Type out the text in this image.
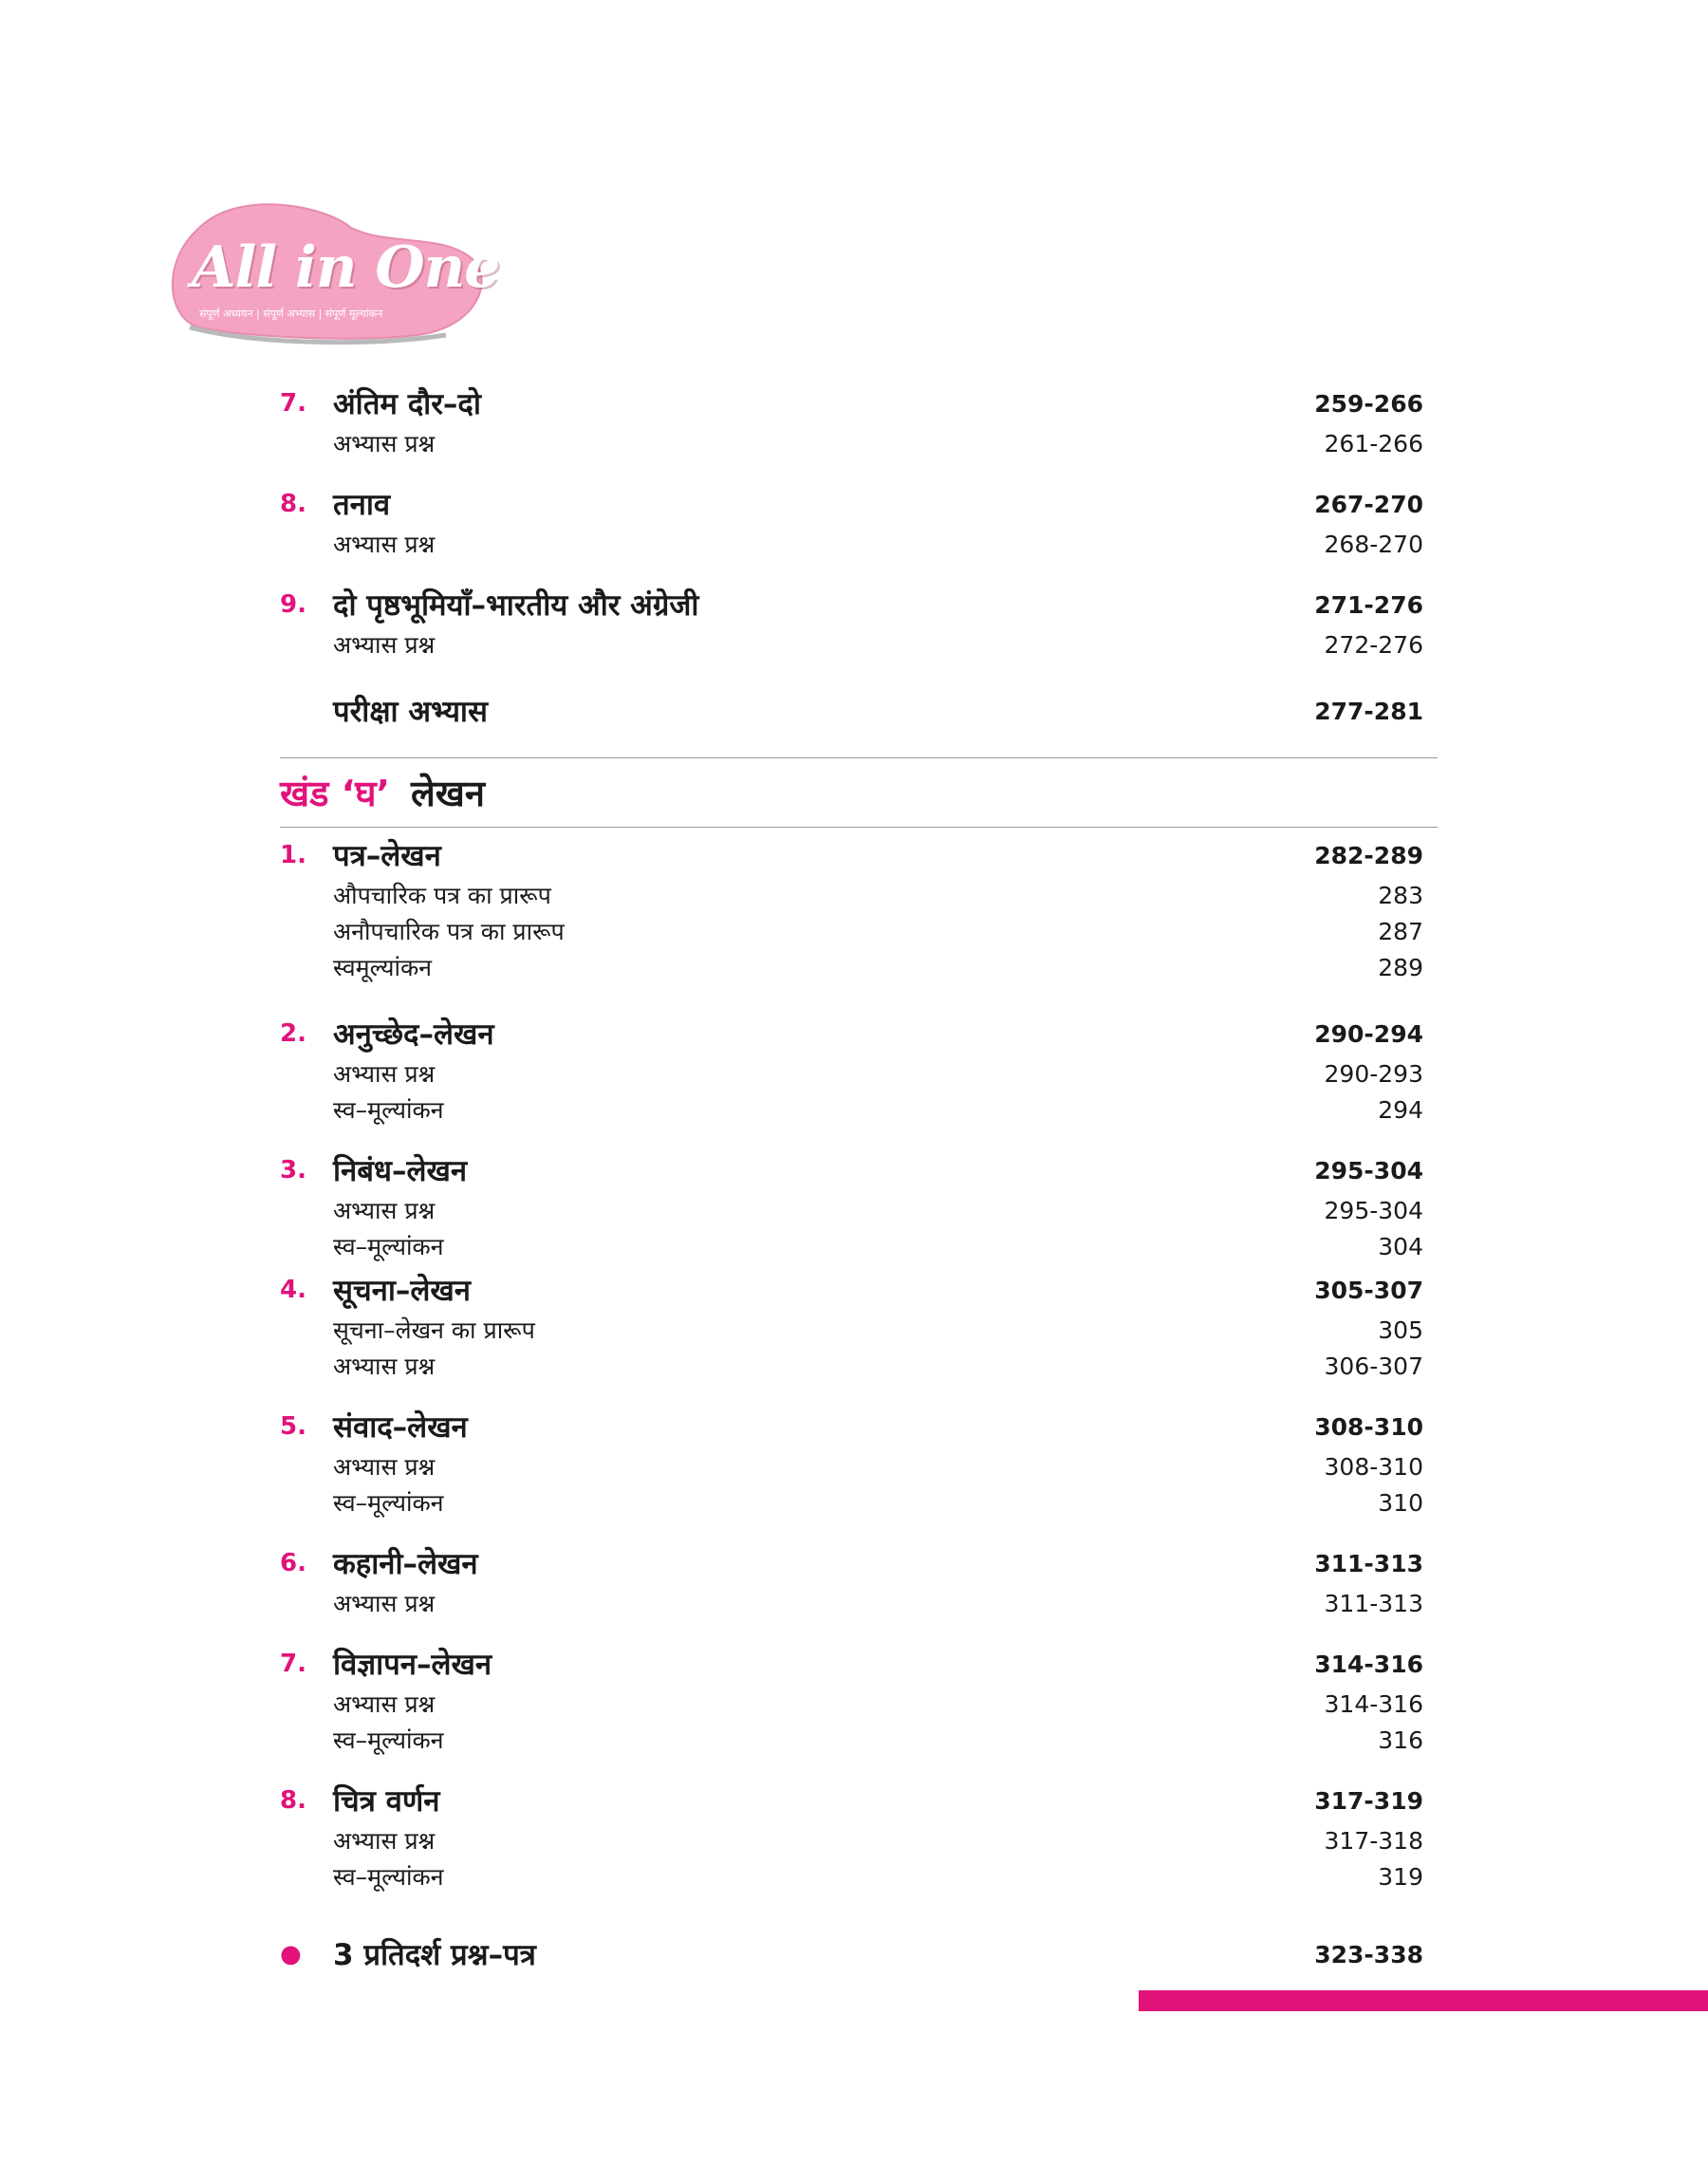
All in One
संपूर्ण अध्ययन | संपूर्ण अभ्यास | संपूर्ण मूल्यांकन
7. अंतिम दौर–दो	259-266
अभ्यास प्रश्न	261-266
8. तनाव	267-270
अभ्यास प्रश्न	268-270
9. दो पृष्ठभूमियाँ–भारतीय और अंग्रेजी	271-276
अभ्यास प्रश्न	272-276
परीक्षा अभ्यास	277-281
खंड ‘घ’ लेखन
1. पत्र–लेखन	282-289
औपचारिक पत्र का प्रारूप	283
अनौपचारिक पत्र का प्रारूप	287
स्वमूल्यांकन	289
2. अनुच्छेद–लेखन	290-294
अभ्यास प्रश्न	290-293
स्व–मूल्यांकन	294
3. निबंध–लेखन	295-304
अभ्यास प्रश्न	295-304
स्व–मूल्यांकन	304
4. सूचना–लेखन	305-307
सूचना–लेखन का प्रारूप	305
अभ्यास प्रश्न	306-307
5. संवाद–लेखन	308-310
अभ्यास प्रश्न	308-310
स्व–मूल्यांकन	310
6. कहानी–लेखन	311-313
अभ्यास प्रश्न	311-313
7. विज्ञापन–लेखन	314-316
अभ्यास प्रश्न	314-316
स्व–मूल्यांकन	316
8. चित्र वर्णन	317-319
अभ्यास प्रश्न	317-318
स्व–मूल्यांकन	319
●	3 प्रतिदर्श प्रश्न–पत्र	323-338
